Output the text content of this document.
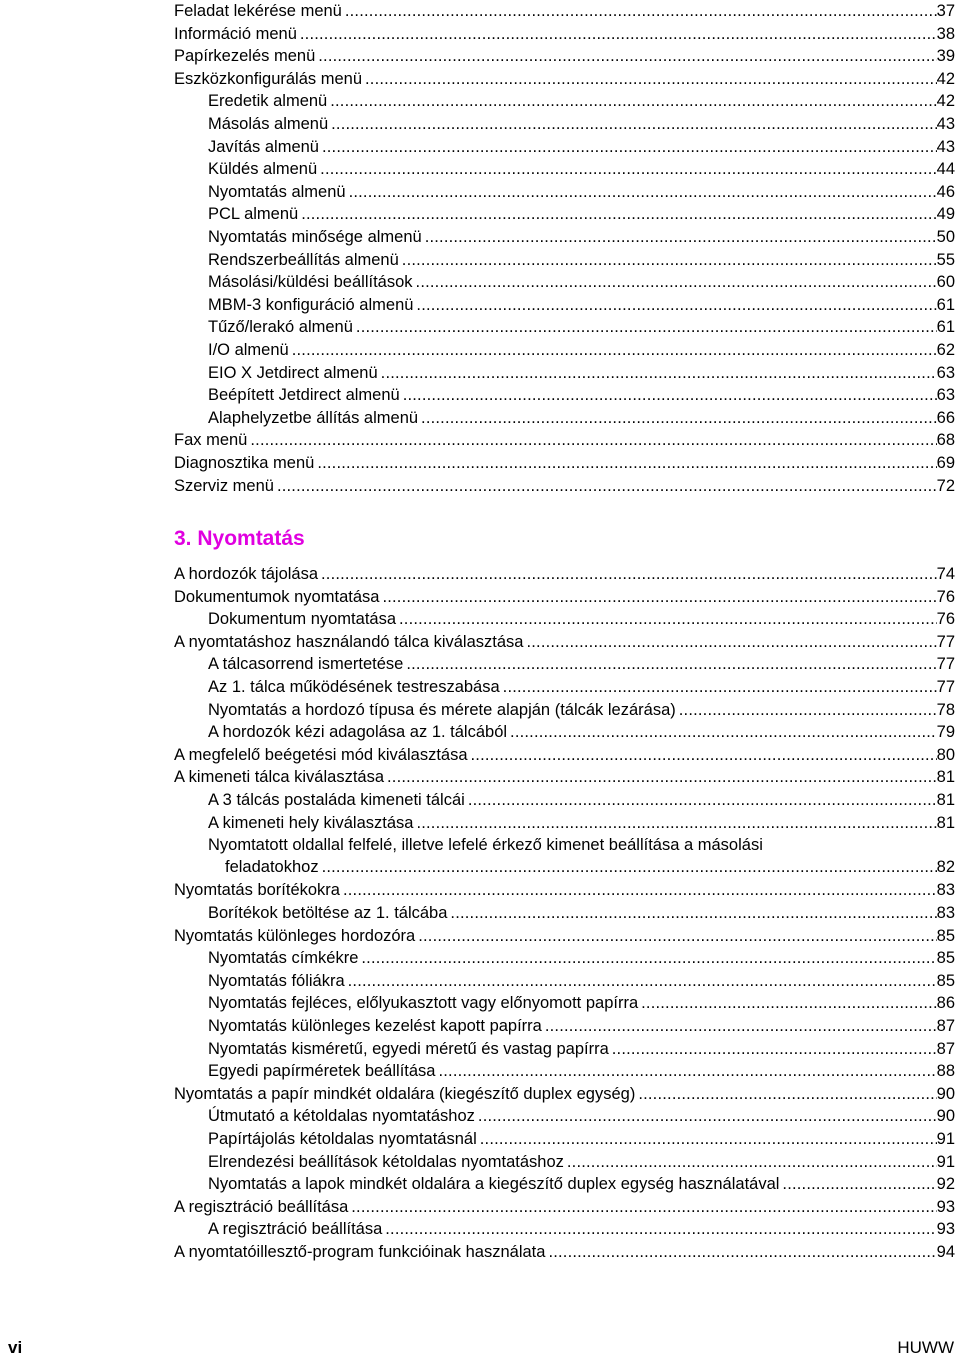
Feladat lekérése menü .....	37
Információ menü .....	38
Papírkezelés menü .....	39
Eszközkonfigurálás menü .....	42
Eredetik almenü .....	42
Másolás almenü .....	43
Javítás almenü .....	43
Küldés almenü .....	44
Nyomtatás almenü .....	46
PCL almenü .....	49
Nyomtatás minősége almenü .....	50
Rendszerbeállítás almenü .....	55
Másolási/küldési beállítások .....	60
MBM-3 konfiguráció almenü .....	61
Tűző/lerakó almenü .....	61
I/O almenü .....	62
EIO X Jetdirect almenü .....	63
Beépített Jetdirect almenü .....	63
Alaphelyzetbe állítás almenü .....	66
Fax menü .....	68
Diagnosztika menü .....	69
Szerviz menü .....	72
A hordozók tájolása .....	74
Dokumentumok nyomtatása .....	76
Dokumentum nyomtatása .....	76
A nyomtatáshoz használandó tálca kiválasztása .....	77
A tálcasorrend ismertetése .....	77
Az 1. tálca működésének testreszabása .....	77
Nyomtatás a hordozó típusa és mérete alapján (tálcák lezárása) .....	78
A hordozók kézi adagolása az 1. tálcából .....	79
A megfelelő beégetési mód kiválasztása .....	80
A kimeneti tálca kiválasztása .....	81
A 3 tálcás postaláda kimeneti tálcái .....	81
A kimeneti hely kiválasztása .....	81
Nyomtatott oldallal felfelé, illetve lefelé érkező kimenet beállítása a másolási
feladatokhoz .....	82
Nyomtatás borítékokra .....	83
Borítékok betöltése az 1. tálcába .....	83
Nyomtatás különleges hordozóra .....	85
Nyomtatás címkékre .....	85
Nyomtatás fóliákra .....	85
Nyomtatás fejléces, előlyukasztott vagy előnyomott papírra .....	86
Nyomtatás különleges kezelést kapott papírra .....	87
Nyomtatás kisméretű, egyedi méretű és vastag papírra .....	87
Egyedi papírméretek beállítása .....	88
Nyomtatás a papír mindkét oldalára (kiegészítő duplex egység) .....	90
Útmutató a kétoldalas nyomtatáshoz .....	90
Papírtájolás kétoldalas nyomtatásnál .....	91
Elrendezési beállítások kétoldalas nyomtatáshoz .....	91
Nyomtatás a lapok mindkét oldalára a kiegészítő duplex egység használatával .....	92
A regisztráció beállítása .....	93
A regisztráció beállítása .....	93
A nyomtatóillesztő-program funkcióinak használata .....	94
3. Nyomtatás
vi	HUWW
